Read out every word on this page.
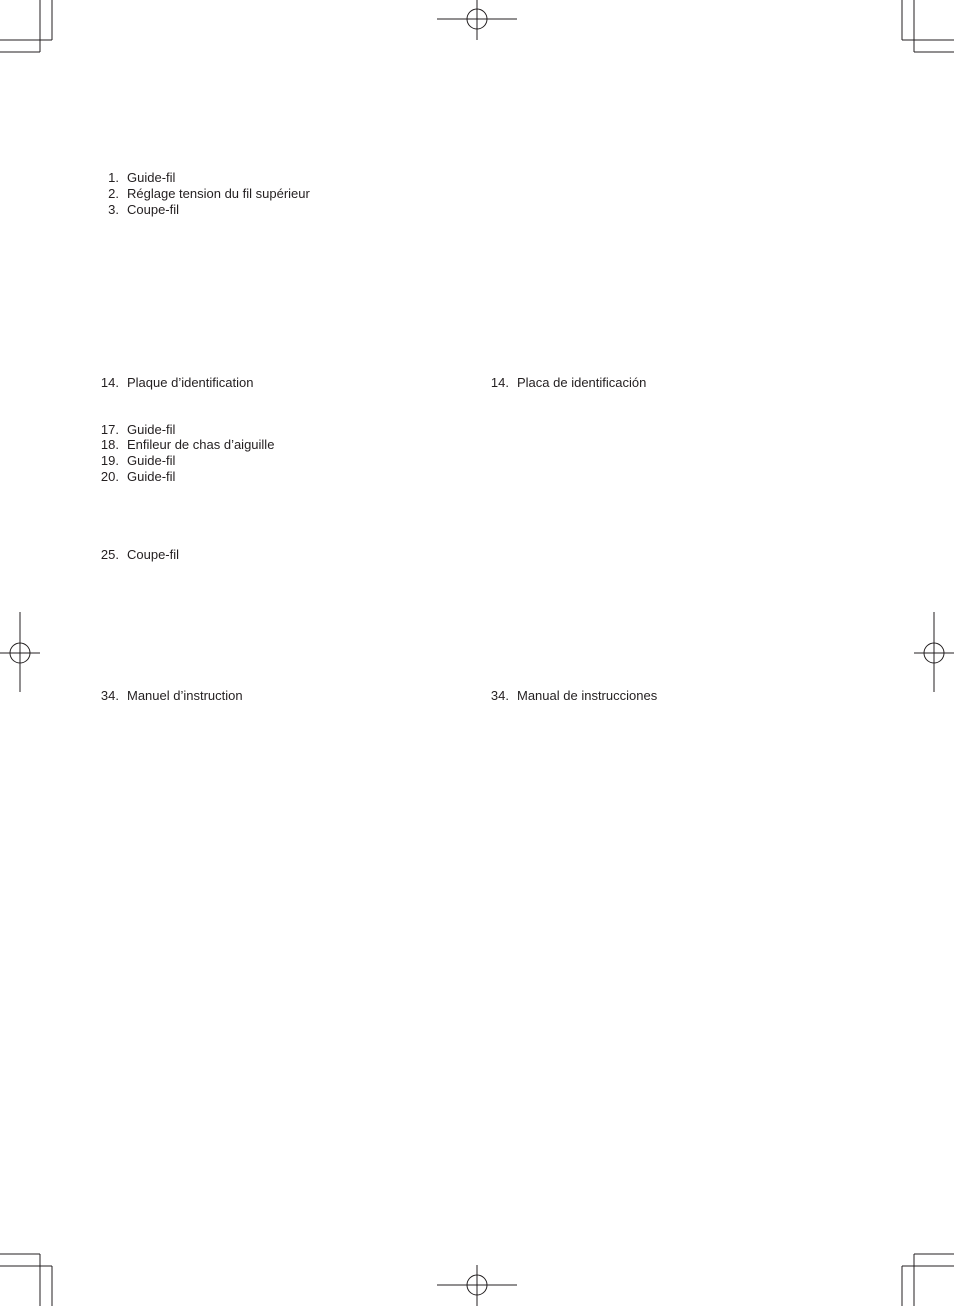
1. Guide-fil
2. Réglage tension du fil supérieur
3. Coupe-fil
14. Plaque d’identification
17. Guide-fil
18. Enfileur de chas d’aiguille
19. Guide-fil
20. Guide-fil
25. Coupe-fil
34. Manuel d’instruction
14. Placa de identificación
34. Manual de instrucciones
